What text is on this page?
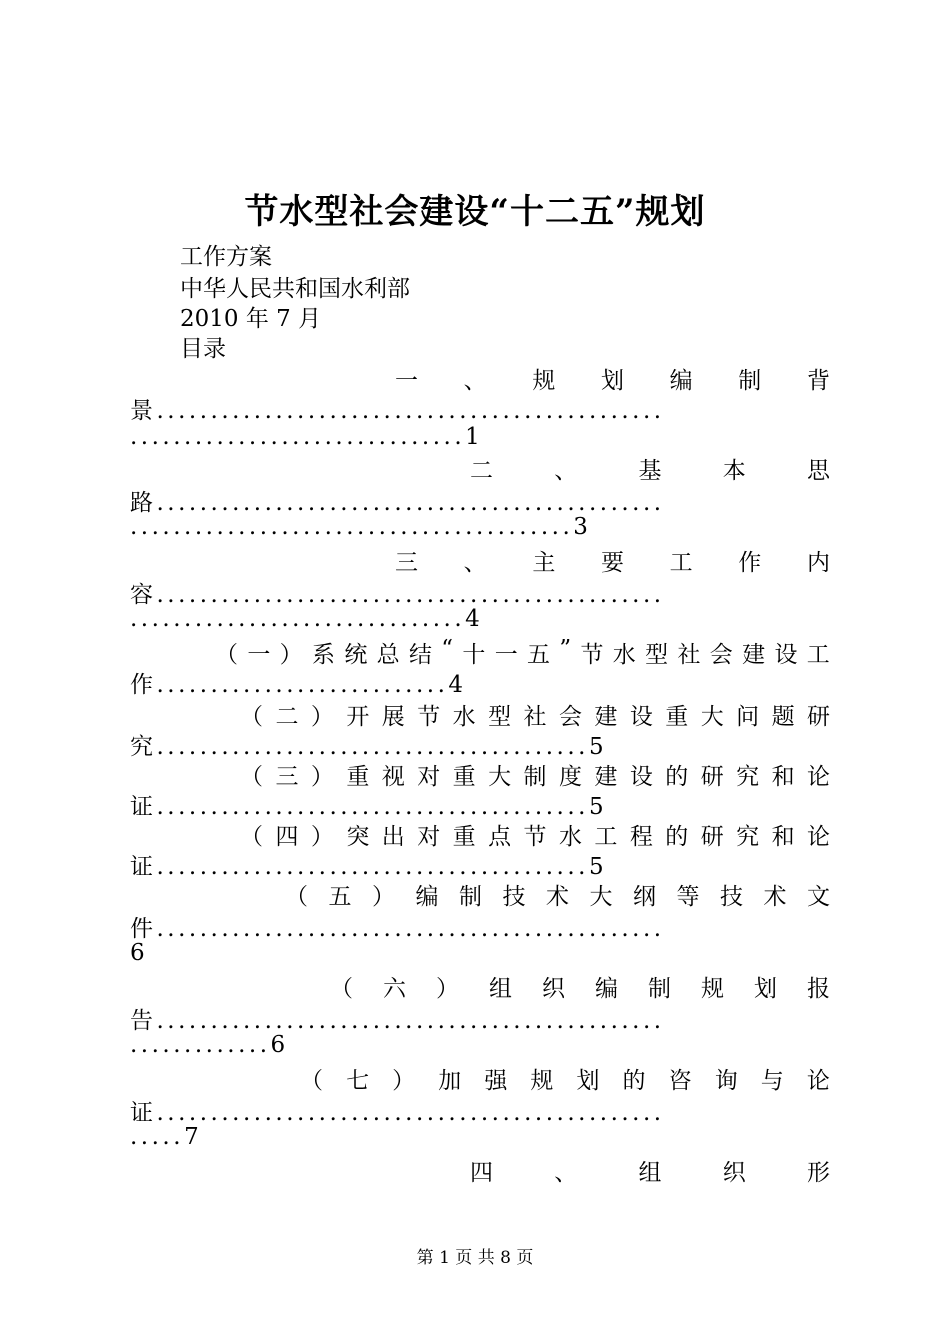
节水型社会建设“十二五”规划
工作方案
中华人民共和国水利部
2010 年 7 月
目录
一 、 规 划 编 制 背
景...............................................
...............................1
二	、	基	本	思
路...............................................
.........................................3
三 、 主 要 工 作 内
容...............................................
...............................4
（ 一 ） 系 统 总 结 “ 十 一 五 ” 节 水 型 社 会 建 设 工
作...........................4
（ 二 ） 开 展 节 水 型 社 会 建 设 重 大 问 题 研
究........................................5
（ 三 ） 重 视 对 重 大 制 度 建 设 的 研 究 和 论
证........................................5
（ 四 ） 突 出 对 重 点 节 水 工 程 的 研 究 和 论
证........................................5
（ 五 ） 编 制 技 术 大 纲 等 技 术 文
件...............................................
6
（ 六 ） 组 织 编 制 规 划 报
告...............................................
.............6
（ 七 ） 加 强 规 划 的 咨 询 与 论
证...............................................
.....7
四	、	组	织	形
第 1 页 共 8 页
